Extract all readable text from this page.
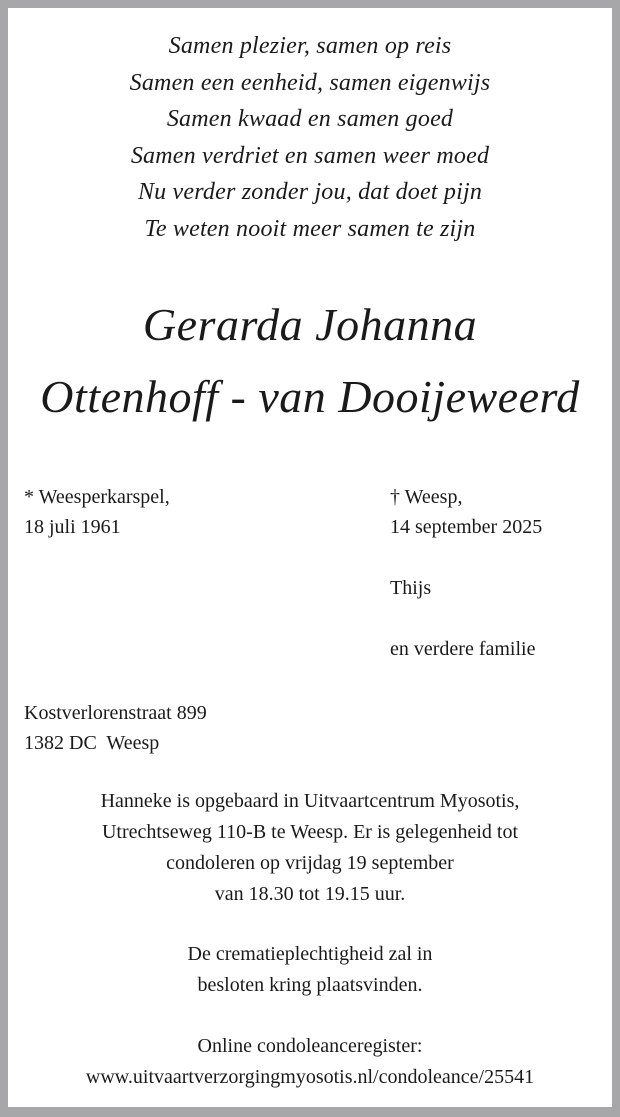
Samen plezier, samen op reis
Samen een eenheid, samen eigenwijs
Samen kwaad en samen goed
Samen verdriet en samen weer moed
Nu verder zonder jou, dat doet pijn
Te weten nooit meer samen te zijn
Gerarda Johanna
Ottenhoff - van Dooijeweerd
* Weesperkarspel,
18 juli 1961
† Weesp,
14 september 2025
Thijs
en verdere familie
Kostverlorenstraat 899
1382 DC  Weesp
Hanneke is opgebaard in Uitvaartcentrum Myosotis,
Utrechtseweg 110-B te Weesp. Er is gelegenheid tot
condoleren op vrijdag 19 september
van 18.30 tot 19.15 uur.
De crematieplechtigheid zal in
besloten kring plaatsvinden.
Online condoleanceregister:
www.uitvaartverzorgingmyosotis.nl/condoleance/25541
